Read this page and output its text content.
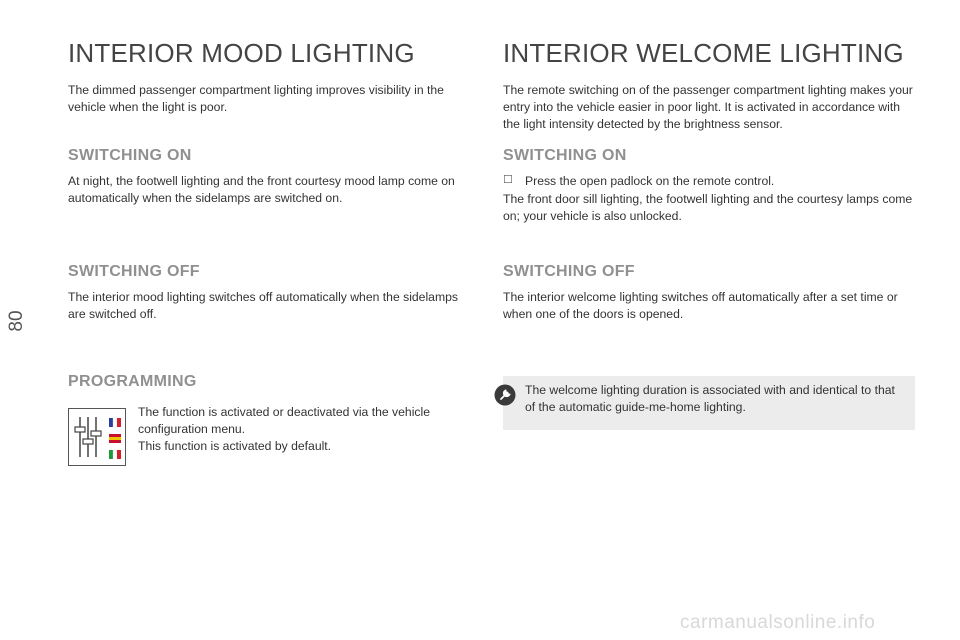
80
INTERIOR MOOD LIGHTING

The dimmed passenger compartment lighting improves visibility in the vehicle when the light is poor.

SWITCHING ON

At night, the footwell lighting and the front courtesy mood lamp come on automatically when the sidelamps are switched on.

SWITCHING OFF

The interior mood lighting switches off automatically when the sidelamps are switched off.

PROGRAMMING

The function is activated or deactivated via the vehicle configuration menu.

This function is activated by default.

INTERIOR WELCOME LIGHTING

The remote switching on of the passenger compartment lighting makes your entry into the vehicle easier in poor light. It is activated in accordance with the light intensity detected by the brightness sensor.

SWITCHING ON
☐ Press the open padlock on the remote control.

The front door sill lighting, the footwell lighting and the courtesy lamps come on; your vehicle is also unlocked.

SWITCHING OFF

The interior welcome lighting switches off automatically after a set time or when one of the doors is opened.

The welcome lighting duration is associated with and identical to that of the automatic guide-me-home lighting.

carmanualsonline.info
